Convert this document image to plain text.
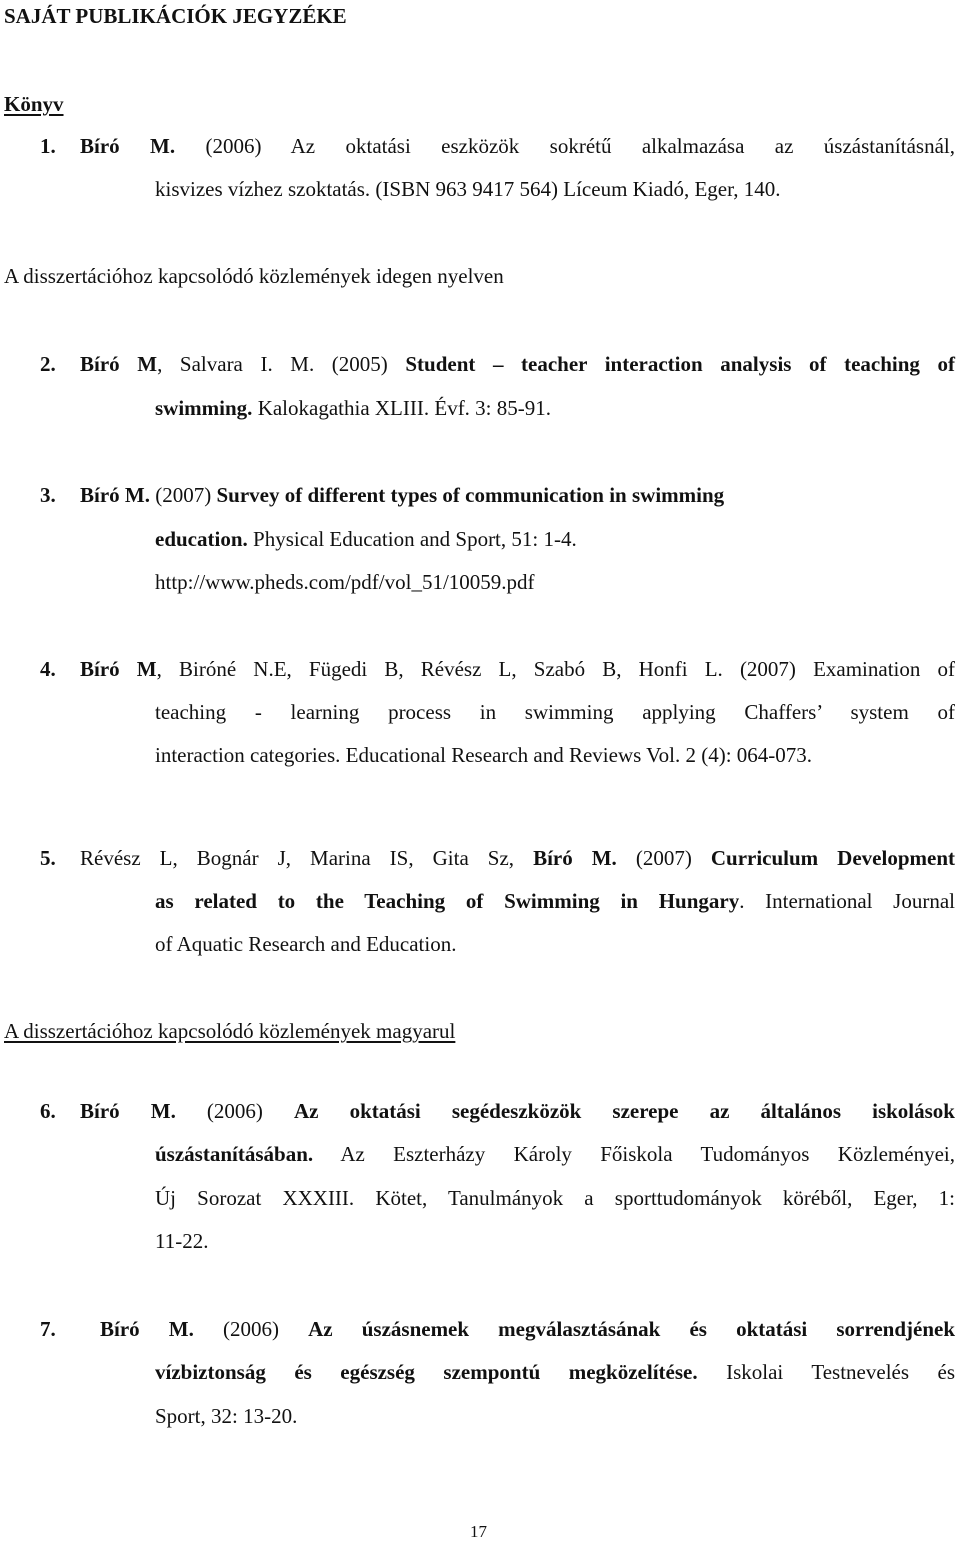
SAJÁT PUBLIKÁCIÓK JEGYZÉKE
Könyv
1. Bíró M. (2006) Az oktatási eszközök sokrétű alkalmazása az úszástanításnál,
kisvizes vízhez szoktatás. (ISBN 963 9417 564) Líceum Kiadó, Eger, 140.
A disszertációhoz kapcsolódó közlemények idegen nyelven
2. Bíró M, Salvara I. M. (2005) Student – teacher interaction analysis of teaching of
swimming. Kalokagathia XLIII. Évf. 3: 85-91.
3. Bíró M. (2007) Survey of different types of communication in swimming
education. Physical Education and Sport, 51: 1-4.
http://www.pheds.com/pdf/vol_51/10059.pdf
4. Bíró M, Biróné N.E, Fügedi B, Révész L, Szabó B, Honfi L. (2007) Examination of
teaching - learning process in swimming applying Chaffers’ system of
interaction categories. Educational Research and Reviews Vol. 2 (4): 064-073.
5. Révész L, Bognár J, Marina IS, Gita Sz, Bíró M. (2007) Curriculum Development
as related to the Teaching of Swimming in Hungary. International Journal
of Aquatic Research and Education.
A disszertációhoz kapcsolódó közlemények magyarul
6. Bíró M. (2006) Az oktatási segédeszközök szerepe az általános iskolások
úszástanításában. Az Eszterházy Károly Főiskola Tudományos Közleményei,
Új Sorozat XXXIII. Kötet, Tanulmányok a sporttudományok köréből, Eger, 1:
11-22.
7. Bíró M. (2006) Az úszásnemek megválasztásának és oktatási sorrendjének
vízbiztonság és egészség szempontú megközelítése. Iskolai Testnevelés és
Sport, 32: 13-20.
17
